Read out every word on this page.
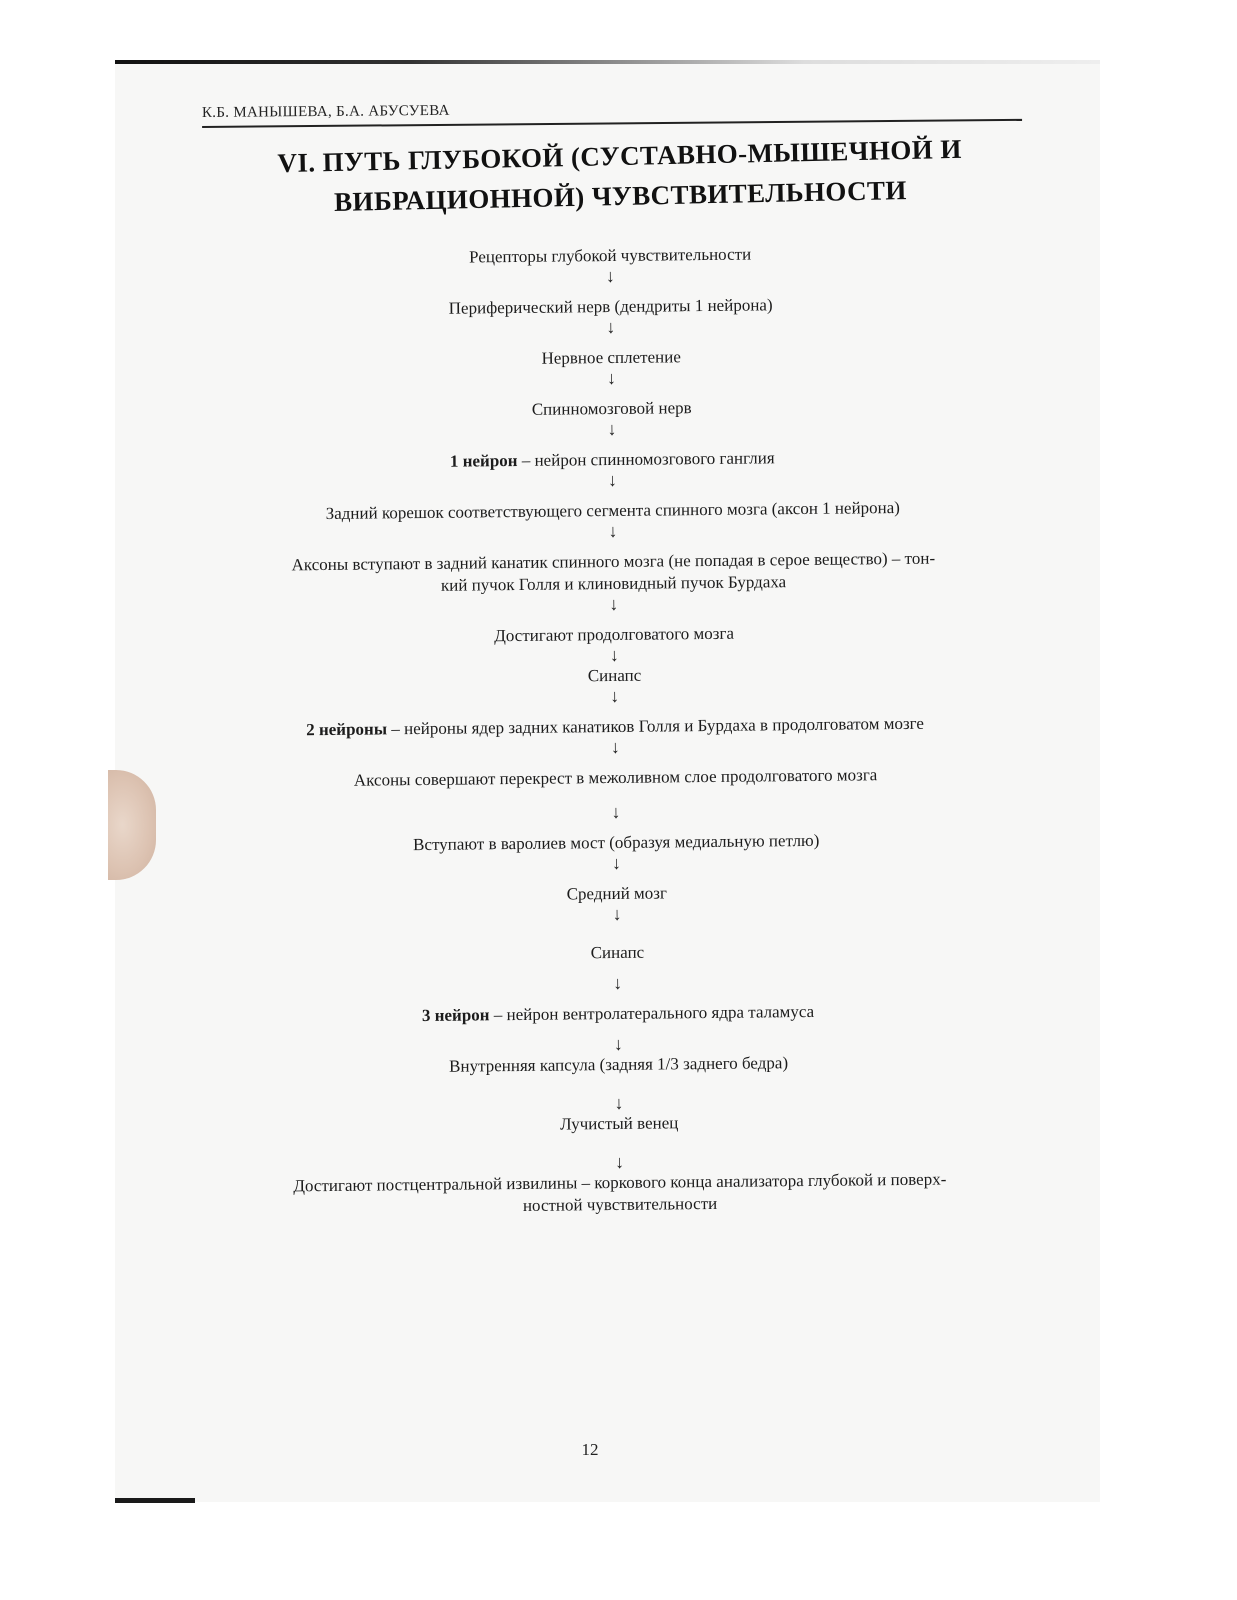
К.Б. МАНЫШЕВА, Б.А. АБУСУЕВА
VI. ПУТЬ ГЛУБОКОЙ (СУСТАВНО-МЫШЕЧНОЙ И
ВИБРАЦИОННОЙ) ЧУВСТВИТЕЛЬНОСТИ
Рецепторы глубокой чувствительности
↓
Периферический нерв (дендриты 1 нейрона)
↓
Нервное сплетение
↓
Спинномозговой нерв
↓
1 нейрон – нейрон спинномозгового ганглия
↓
Задний корешок соответствующего сегмента спинного мозга (аксон 1 нейрона)
↓
Аксоны вступают в задний канатик спинного мозга (не попадая в серое вещество) – тон-
кий пучок Голля и клиновидный пучок Бурдаха
↓
Достигают продолговатого мозга
↓
Синапс
↓
2 нейроны – нейроны ядер задних канатиков Голля и Бурдаха в продолговатом мозге
↓
Аксоны совершают перекрест в межоливном слое продолговатого мозга
↓
Вступают в варолиев мост (образуя медиальную петлю)
↓
Средний мозг
↓
Синапс
↓
3 нейрон – нейрон вентролатерального ядра таламуса
↓
Внутренняя капсула (задняя 1/3 заднего бедра)
↓
Лучистый венец
↓
Достигают постцентральной извилины – коркового конца анализатора глубокой и поверх-
ностной чувствительности
12
